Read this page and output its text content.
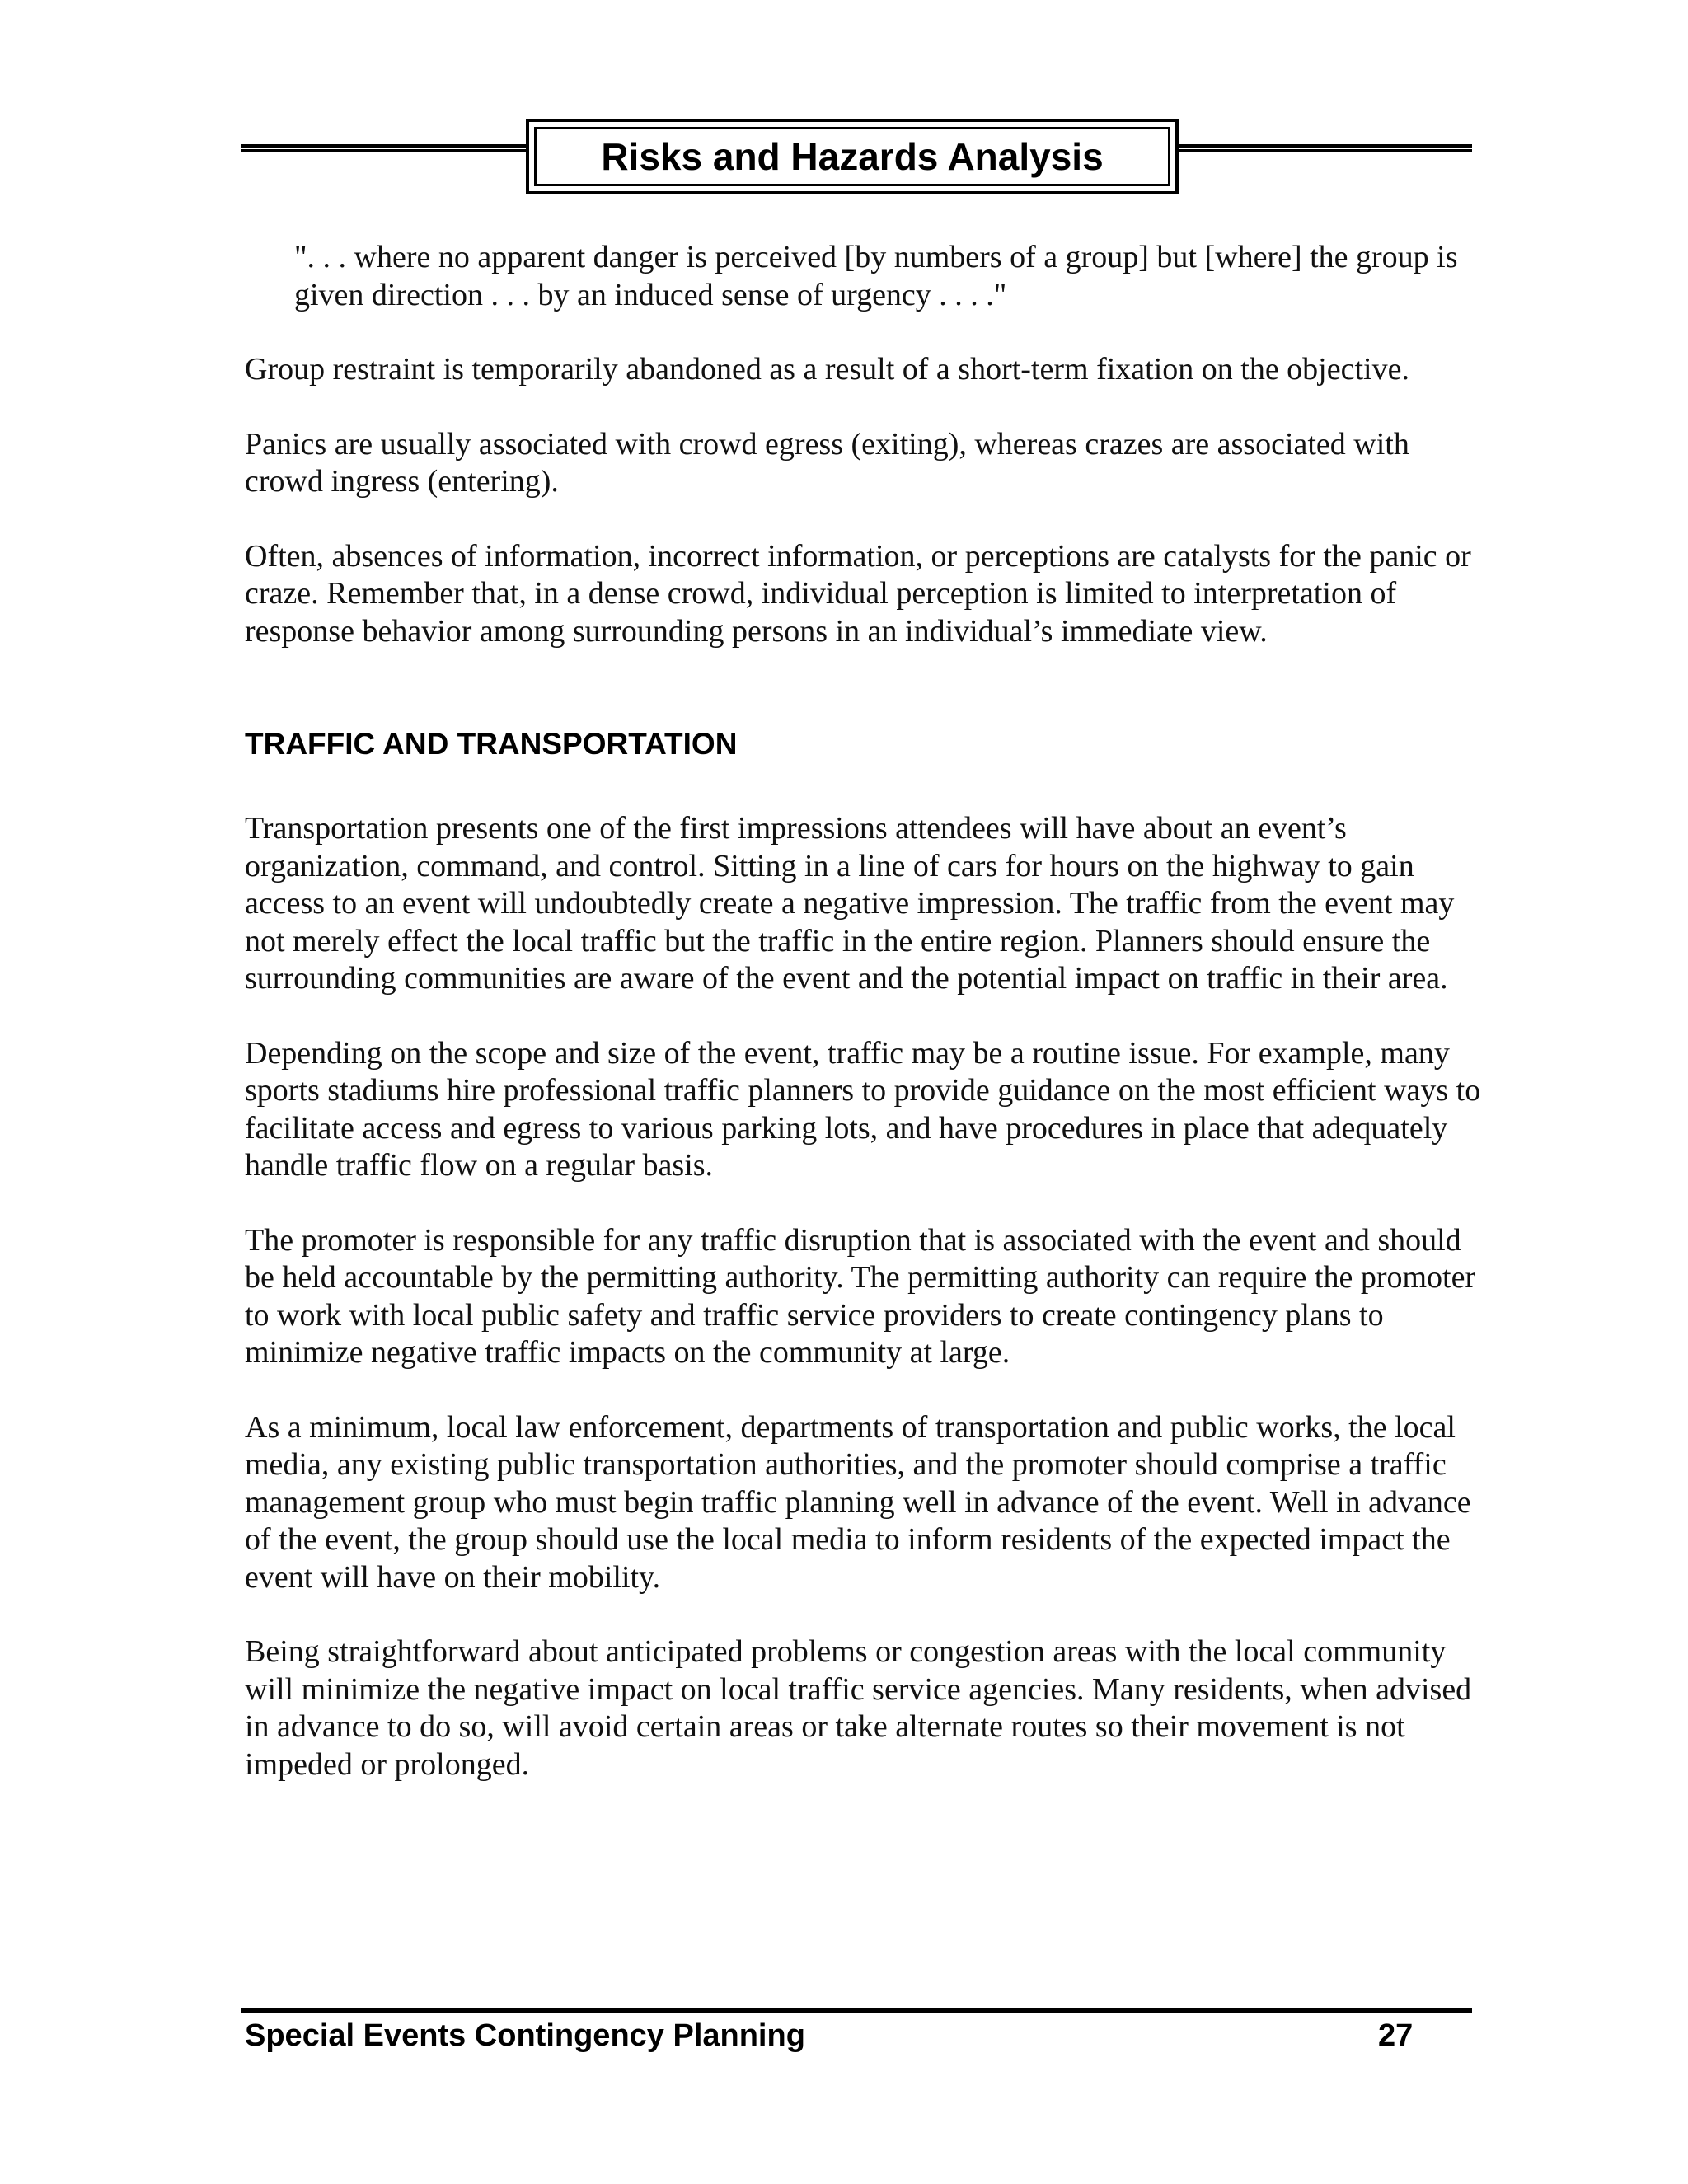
Risks and Hazards Analysis

". . . where no apparent danger is perceived [by numbers of a group] but [where] the group is given direction . . . by an induced sense of urgency . . . ."

Group restraint is temporarily abandoned as a result of a short-term fixation on the objective.

Panics are usually associated with crowd egress (exiting), whereas crazes are associated with crowd ingress (entering).

Often, absences of information, incorrect information, or perceptions are catalysts for the panic or craze. Remember that, in a dense crowd, individual perception is limited to interpretation of response behavior among surrounding persons in an individual’s immediate view.

TRAFFIC AND TRANSPORTATION

Transportation presents one of the first impressions attendees will have about an event’s organization, command, and control. Sitting in a line of cars for hours on the highway to gain access to an event will undoubtedly create a negative impression. The traffic from the event may not merely effect the local traffic but the traffic in the entire region. Planners should ensure the surrounding communities are aware of the event and the potential impact on traffic in their area.

Depending on the scope and size of the event, traffic may be a routine issue. For example, many sports stadiums hire professional traffic planners to provide guidance on the most efficient ways to facilitate access and egress to various parking lots, and have procedures in place that adequately handle traffic flow on a regular basis.

The promoter is responsible for any traffic disruption that is associated with the event and should be held accountable by the permitting authority. The permitting authority can require the promoter to work with local public safety and traffic service providers to create contingency plans to minimize negative traffic impacts on the community at large.

As a minimum, local law enforcement, departments of transportation and public works, the local media, any existing public transportation authorities, and the promoter should comprise a traffic management group who must begin traffic planning well in advance of the event. Well in advance of the event, the group should use the local media to inform residents of the expected impact the event will have on their mobility.

Being straightforward about anticipated problems or congestion areas with the local community will minimize the negative impact on local traffic service agencies. Many residents, when advised in advance to do so, will avoid certain areas or take alternate routes so their movement is not impeded or prolonged.

Special Events Contingency Planning	27
